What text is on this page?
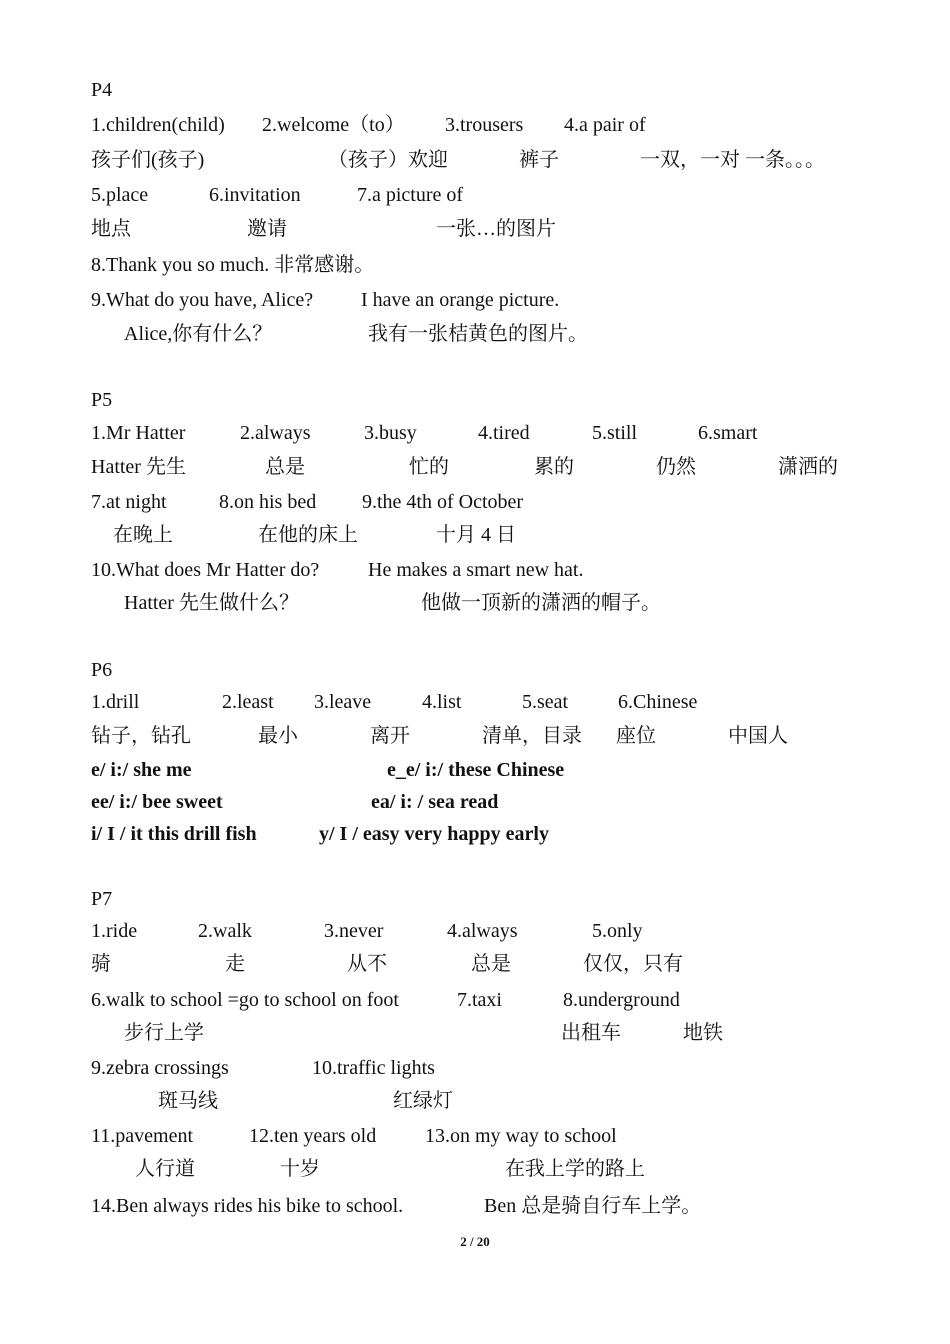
P4
1.children(child) 2.welcome（to） 3.trousers 4.a pair of
孩子们(孩子)	（孩子）欢迎	裤子	一双，一对 一条。。。
5.place	6.invitation	7.a picture of
地点	邀请	一张…的图片
8.Thank you so much. 非常感谢。
9.What do you have, Alice? I have an orange picture.
Alice,你有什么？	我有一张桔黄色的图片。
P5
1.Mr Hatter	2.always	3.busy	4.tired	5.still	6.smart
Hatter 先生	总是	忙的	累的	仍然	潇洒的
7.at night	8.on his bed 9.the 4th of October
在晚上	在他的床上	十月 4 日
10.What does Mr Hatter do? He makes a smart new hat.
Hatter 先生做什么？	他做一顶新的潇洒的帽子。
P6
1.drill	2.least 3.leave	4.list	5.seat 6.Chinese
钻子，钻孔	最小	离开	清单，目录 座位	中国人
e/ i:/ she me	e_e/ i:/ these Chinese
ee/ i:/ bee sweet	ea/ i: / sea read
i/ I / it this drill fish	y/ I / easy very happy early
P7
1.ride	2.walk	3.never	4.always	5.only
骑	走	从不	总是	仅仅，只有
6.walk to school =go to school on foot	7.taxi	8.underground
步行上学	出租车	地铁
9.zebra crossings	10.traffic lights
斑马线	红绿灯
11.pavement	12.ten years old 13.on my way to school
人行道	十岁	在我上学的路上
14.Ben always rides his bike to school.	Ben 总是骑自行车上学。
2 / 20
